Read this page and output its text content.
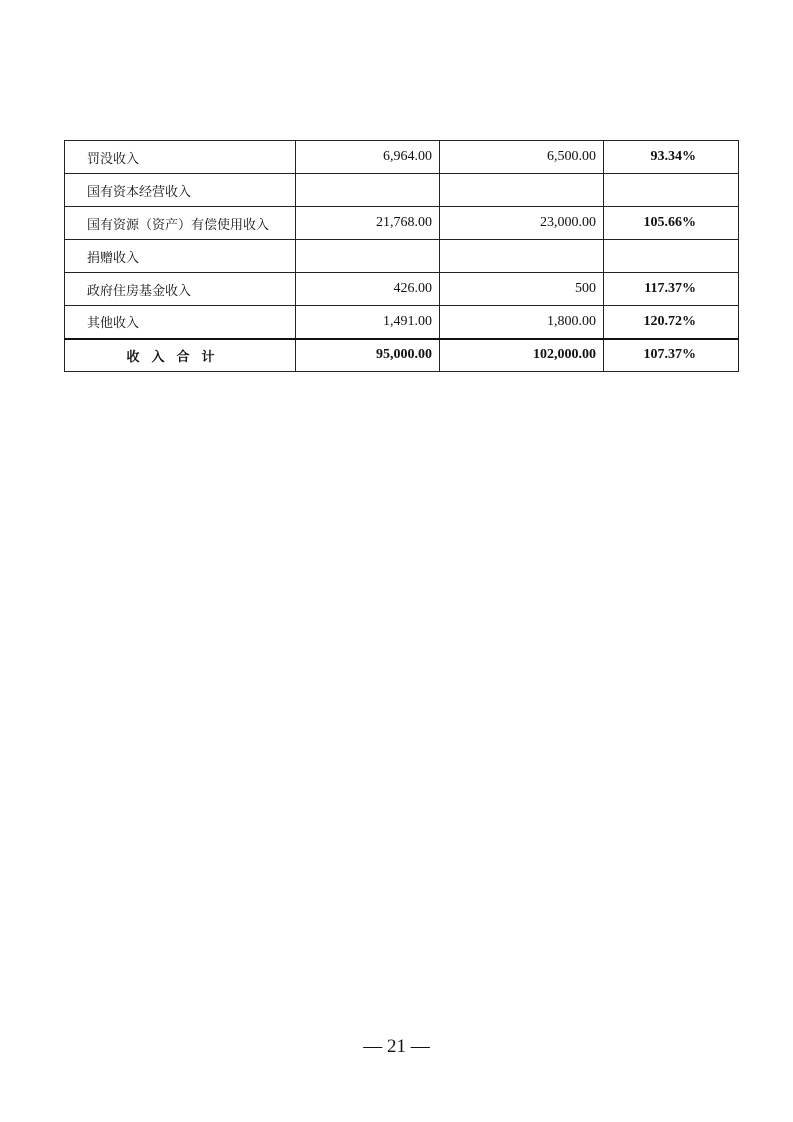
罚没收入	6,964.00	6,500.00	93.34%
国有资本经营收入			
国有资源（资产）有偿使用收入	21,768.00	23,000.00	105.66%
捐赠收入			
政府住房基金收入	426.00	500	117.37%
其他收入	1,491.00	1,800.00	120.72%
收入合计	95,000.00	102,000.00	107.37%
— 21 —
